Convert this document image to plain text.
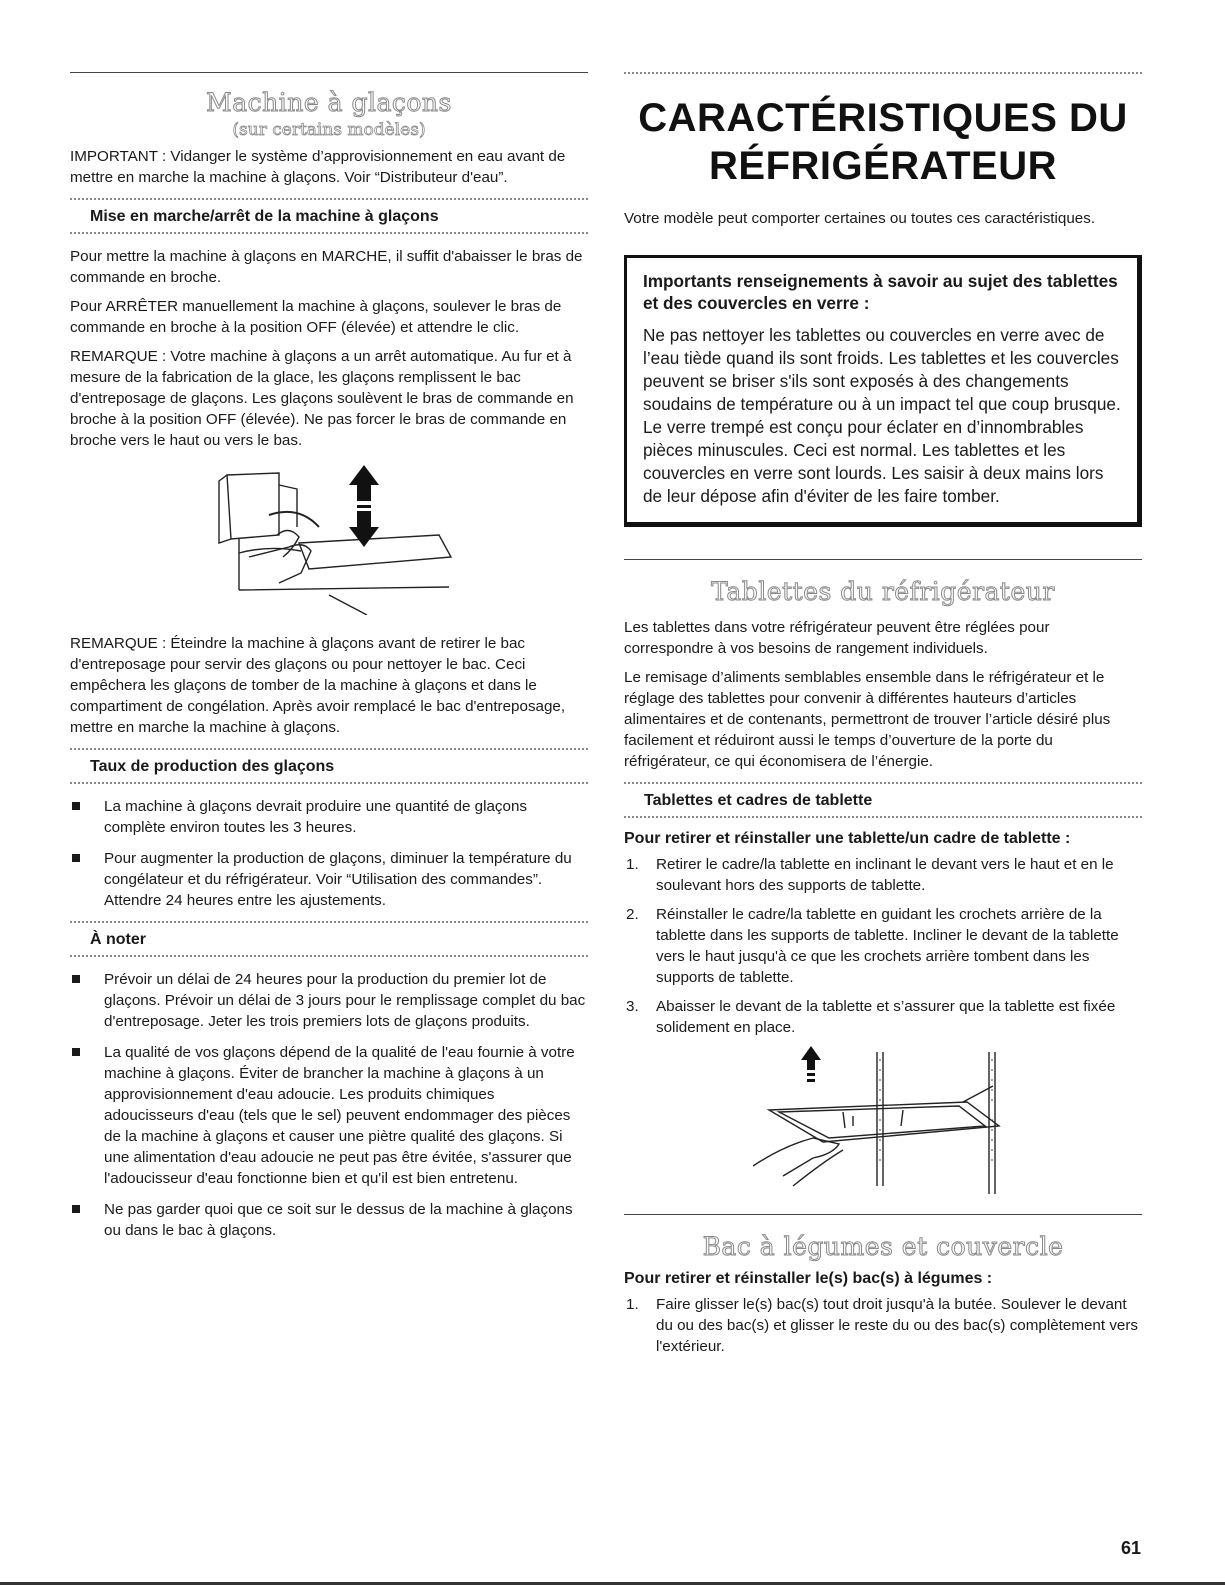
Machine à glaçons
(sur certains modèles)

IMPORTANT : Vidanger le système d’approvisionnement en eau avant de mettre en marche la machine à glaçons. Voir “Distributeur d'eau”.

Mise en marche/arrêt de la machine à glaçons

Pour mettre la machine à glaçons en MARCHE, il suffit d'abaisser le bras de commande en broche.

Pour ARRÊTER manuellement la machine à glaçons, soulever le bras de commande en broche à la position OFF (élevée) et attendre le clic.

REMARQUE : Votre machine à glaçons a un arrêt automatique. Au fur et à mesure de la fabrication de la glace, les glaçons remplissent le bac d'entreposage de glaçons. Les glaçons soulèvent le bras de commande en broche à la position OFF (élevée). Ne pas forcer le bras de commande en broche vers le haut ou vers le bas.

REMARQUE : Éteindre la machine à glaçons avant de retirer le bac d'entreposage pour servir des glaçons ou pour nettoyer le bac. Ceci empêchera les glaçons de tomber de la machine à glaçons et dans le compartiment de congélation. Après avoir remplacé le bac d'entreposage, mettre en marche la machine à glaçons.

Taux de production des glaçons
La machine à glaçons devrait produire une quantité de glaçons complète environ toutes les 3 heures.
Pour augmenter la production de glaçons, diminuer la température du congélateur et du réfrigérateur. Voir “Utilisation des commandes”. Attendre 24 heures entre les ajustements.
À noter
Prévoir un délai de 24 heures pour la production du premier lot de glaçons. Prévoir un délai de 3 jours pour le remplissage complet du bac d'entreposage. Jeter les trois premiers lots de glaçons produits.
La qualité de vos glaçons dépend de la qualité de l'eau fournie à votre machine à glaçons. Éviter de brancher la machine à glaçons à un approvisionnement d'eau adoucie. Les produits chimiques adoucisseurs d'eau (tels que le sel) peuvent endommager des pièces de la machine à glaçons et causer une piètre qualité des glaçons. Si une alimentation d'eau adoucie ne peut pas être évitée, s'assurer que l'adoucisseur d'eau fonctionne bien et qu'il est bien entretenu.
Ne pas garder quoi que ce soit sur le dessus de la machine à glaçons ou dans le bac à glaçons.
CARACTÉRISTIQUES DU
RÉFRIGÉRATEUR

Votre modèle peut comporter certaines ou toutes ces caractéristiques.

Importants renseignements à savoir au sujet des tablettes et des couvercles en verre :
Ne pas nettoyer les tablettes ou couvercles en verre avec de l’eau tiède quand ils sont froids. Les tablettes et les couvercles peuvent se briser s'ils sont exposés à des changements soudains de température ou à un impact tel que coup brusque. Le verre trempé est conçu pour éclater en d’innombrables pièces minuscules. Ceci est normal. Les tablettes et les couvercles en verre sont lourds. Les saisir à deux mains lors de leur dépose afin d'éviter de les faire tomber.
Tablettes du réfrigérateur

Les tablettes dans votre réfrigérateur peuvent être réglées pour correspondre à vos besoins de rangement individuels.

Le remisage d’aliments semblables ensemble dans le réfrigérateur et le réglage des tablettes pour convenir à différentes hauteurs d’articles alimentaires et de contenants, permettront de trouver l’article désiré plus facilement et réduiront aussi le temps d’ouverture de la porte du réfrigérateur, ce qui économisera de l’énergie.

Tablettes et cadres de tablette
Pour retirer et réinstaller une tablette/un cadre de tablette :
1. Retirer le cadre/la tablette en inclinant le devant vers le haut et en le soulevant hors des supports de tablette.
2. Réinstaller le cadre/la tablette en guidant les crochets arrière de la tablette dans les supports de tablette. Incliner le devant de la tablette vers le haut jusqu'à ce que les crochets arrière tombent dans les supports de tablette.
3. Abaisser le devant de la tablette et s’assurer que la tablette est fixée solidement en place.
Bac à légumes et couvercle
Pour retirer et réinstaller le(s) bac(s) à légumes :
1. Faire glisser le(s) bac(s) tout droit jusqu'à la butée. Soulever le devant du ou des bac(s) et glisser le reste du ou des bac(s) complètement vers l'extérieur.
61
